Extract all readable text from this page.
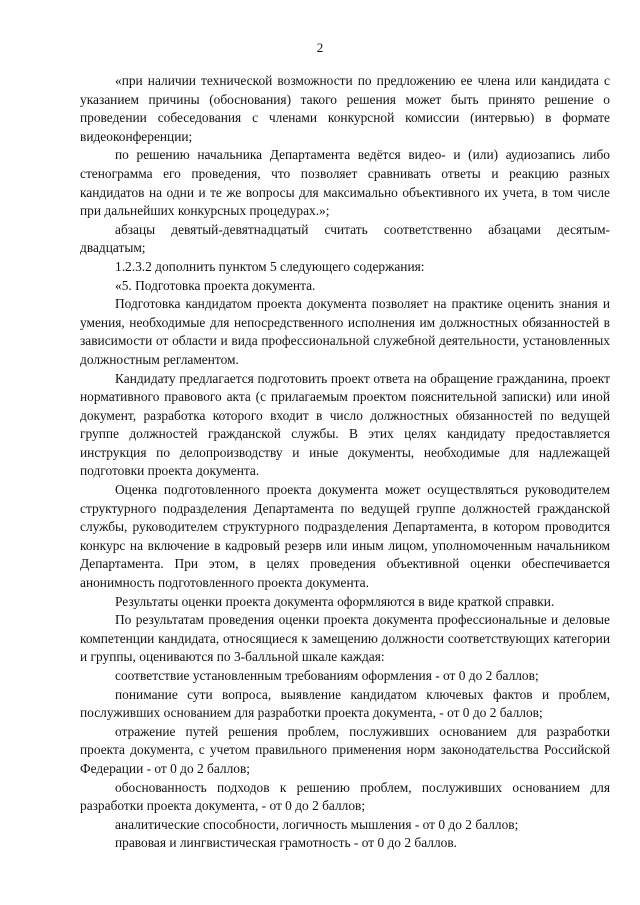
2

«при наличии технической возможности по предложению ее члена или кандидата с указанием причины (обоснования) такого решения может быть принято решение о проведении собеседования с членами конкурсной комиссии (интервью) в формате видеоконференции;

по решению начальника Департамента ведётся видео- и (или) аудиозапись либо стенограмма его проведения, что позволяет сравнивать ответы и реакцию разных кандидатов на одни и те же вопросы для максимально объективного их учета, в том числе при дальнейших конкурсных процедурах.»;

абзацы девятый-девятнадцатый считать соответственно абзацами десятым-двадцатым;

1.2.3.2 дополнить пунктом 5 следующего содержания:

«5. Подготовка проекта документа.

Подготовка кандидатом проекта документа позволяет на практике оценить знания и умения, необходимые для непосредственного исполнения им должностных обязанностей в зависимости от области и вида профессиональной служебной деятельности, установленных должностным регламентом.

Кандидату предлагается подготовить проект ответа на обращение гражданина, проект нормативного правового акта (с прилагаемым проектом пояснительной записки) или иной документ, разработка которого входит в число должностных обязанностей по ведущей группе должностей гражданской службы. В этих целях кандидату предоставляется инструкция по делопроизводству и иные документы, необходимые для надлежащей подготовки проекта документа.

Оценка подготовленного проекта документа может осуществляться руководителем структурного подразделения Департамента по ведущей группе должностей гражданской службы, руководителем структурного подразделения Департамента, в котором проводится конкурс на включение в кадровый резерв или иным лицом, уполномоченным начальником Департамента. При этом, в целях проведения объективной оценки обеспечивается анонимность подготовленного проекта документа.

Результаты оценки проекта документа оформляются в виде краткой справки.

По результатам проведения оценки проекта документа профессиональные и деловые компетенции кандидата, относящиеся к замещению должности соответствующих категории и группы, оцениваются по 3-балльной шкале каждая:

соответствие установленным требованиям оформления - от 0 до 2 баллов;

понимание сути вопроса, выявление кандидатом ключевых фактов и проблем, послуживших основанием для разработки проекта документа, - от 0 до 2 баллов;

отражение путей решения проблем, послуживших основанием для разработки проекта документа, с учетом правильного применения норм законодательства Российской Федерации - от 0 до 2 баллов;

обоснованность подходов к решению проблем, послуживших основанием для разработки проекта документа, - от 0 до 2 баллов;

аналитические способности, логичность мышления - от 0 до 2 баллов;

правовая и лингвистическая грамотность - от 0 до 2 баллов.
